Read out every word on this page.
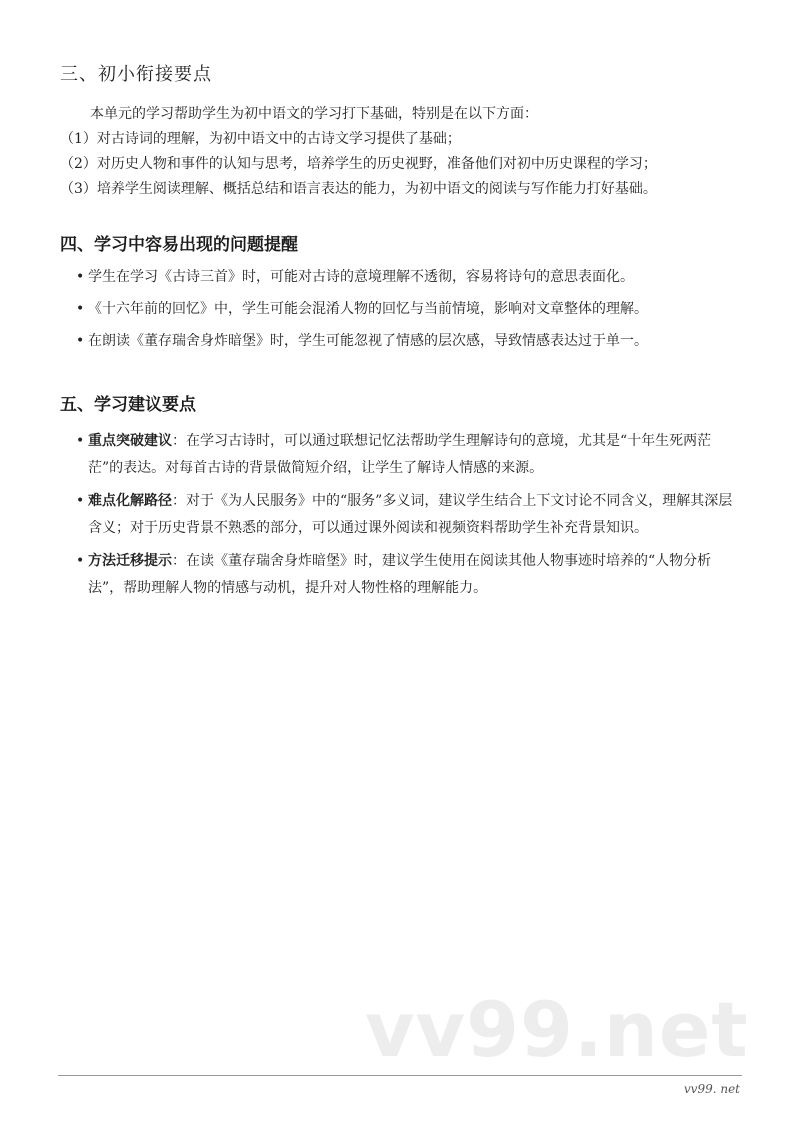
三、初小衔接要点

本单元的学习帮助学生为初中语文的学习打下基础，特别是在以下方面：

（1）对古诗词的理解，为初中语文中的古诗文学习提供了基础；

（2）对历史人物和事件的认知与思考，培养学生的历史视野，准备他们对初中历史课程的学习；

（3）培养学生阅读理解、概括总结和语言表达的能力，为初中语文的阅读与写作能力打好基础。

四、学习中容易出现的问题提醒
• 学生在学习《古诗三首》时，可能对古诗的意境理解不透彻，容易将诗句的意思表面化。
• 《十六年前的回忆》中，学生可能会混淆人物的回忆与当前情境，影响对文章整体的理解。
• 在朗读《董存瑞舍身炸暗堡》时，学生可能忽视了情感的层次感，导致情感表达过于单一。
五、学习建议要点
• 重点突破建议：在学习古诗时，可以通过联想记忆法帮助学生理解诗句的意境，尤其是“十年生死两茫茫”的表达。对每首古诗的背景做简短介绍，让学生了解诗人情感的来源。
• 难点化解路径：对于《为人民服务》中的“服务”多义词，建议学生结合上下文讨论不同含义，理解其深层含义；对于历史背景不熟悉的部分，可以通过课外阅读和视频资料帮助学生补充背景知识。
• 方法迁移提示：在读《董存瑞舍身炸暗堡》时，建议学生使用在阅读其他人物事迹时培养的“人物分析法”，帮助理解人物的情感与动机，提升对人物性格的理解能力。
vv99.net
vv99. net
